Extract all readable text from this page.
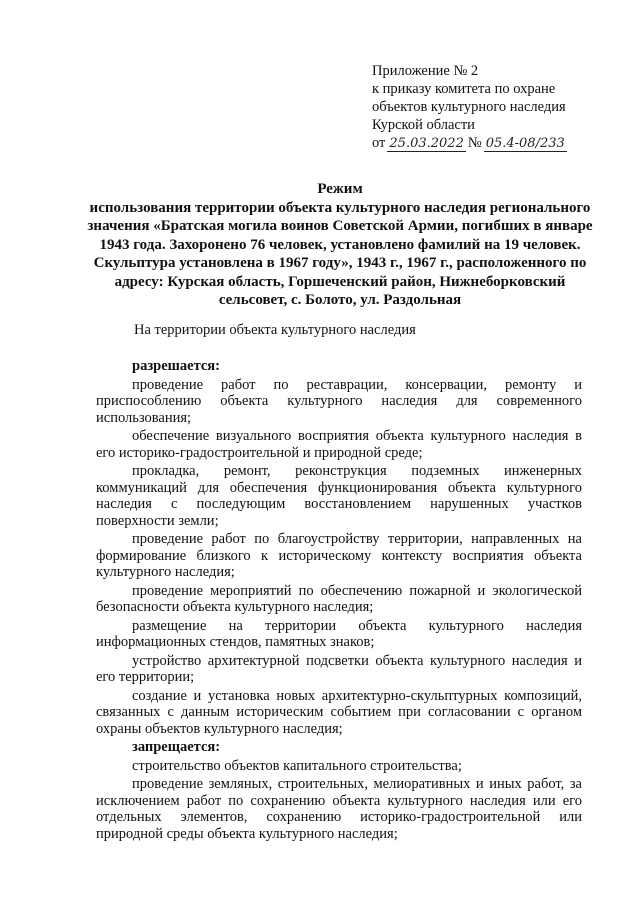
Приложение № 2
к приказу комитета по охране
объектов культурного наследия
Курской области
от 25.03.2022 № 05.4-08/233
Режим
использования территории объекта культурного наследия регионального значения «Братская могила воинов Советской Армии, погибших в январе 1943 года. Захоронено 76 человек, установлено фамилий на 19 человек. Скульптура установлена в 1967 году», 1943 г., 1967 г., расположенного по адресу: Курская область, Горшеченский район, Нижнеборковский сельсовет, с. Болото, ул. Раздольная
На территории объекта культурного наследия
разрешается:
проведение работ по реставрации, консервации, ремонту и приспособлению объекта культурного наследия для современного использования;
обеспечение визуального восприятия объекта культурного наследия в его историко-градостроительной и природной среде;
прокладка, ремонт, реконструкция подземных инженерных коммуникаций для обеспечения функционирования объекта культурного наследия с последующим восстановлением нарушенных участков поверхности земли;
проведение работ по благоустройству территории, направленных на формирование близкого к историческому контексту восприятия объекта культурного наследия;
проведение мероприятий по обеспечению пожарной и экологической безопасности объекта культурного наследия;
размещение на территории объекта культурного наследия информационных стендов, памятных знаков;
устройство архитектурной подсветки объекта культурного наследия и его территории;
создание и установка новых архитектурно-скульптурных композиций, связанных с данным историческим событием при согласовании с органом охраны объектов культурного наследия;
запрещается:
строительство объектов капитального строительства;
проведение земляных, строительных, мелиоративных и иных работ, за исключением работ по сохранению объекта культурного наследия или его отдельных элементов, сохранению историко-градостроительной или природной среды объекта культурного наследия;
